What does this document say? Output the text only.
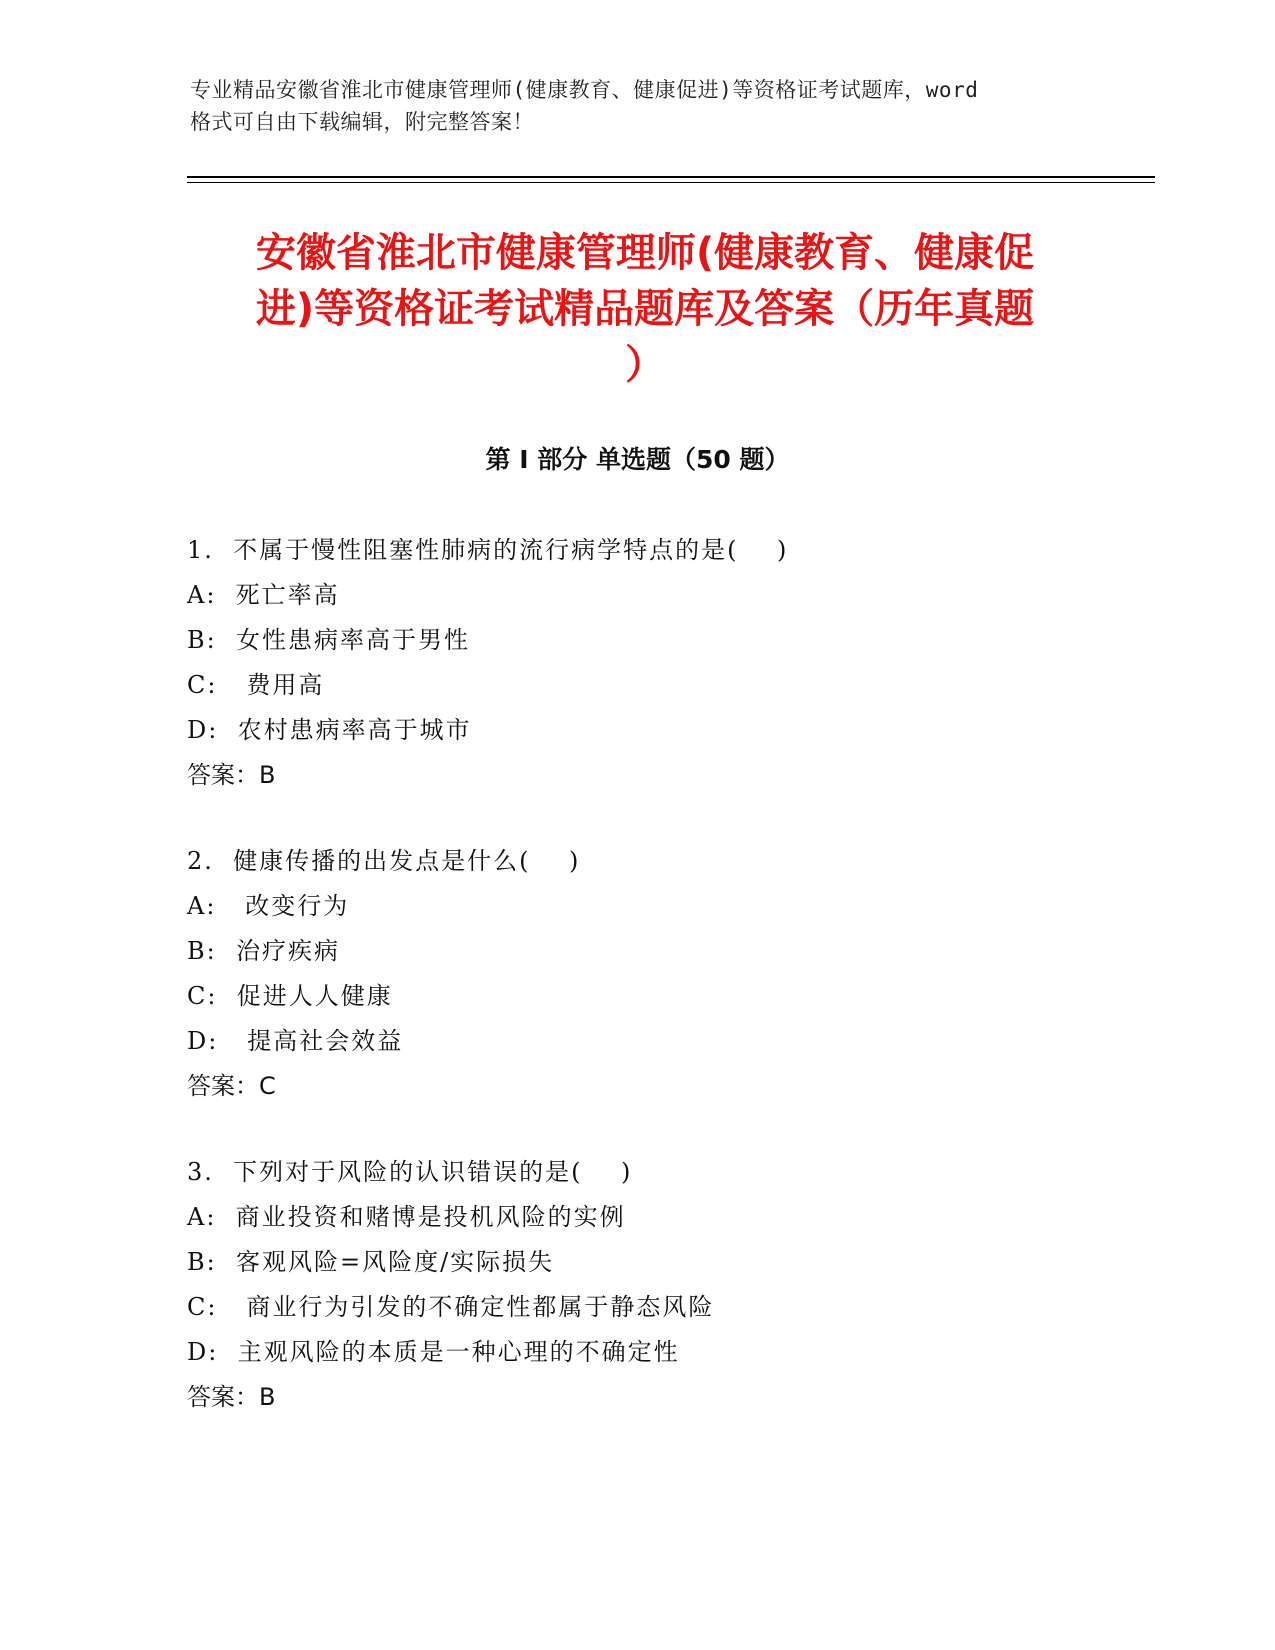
专业精品安徽省淮北市健康管理师(健康教育、健康促进)等资格证考试题库，word
格式可自由下载编辑，附完整答案！
安徽省淮北市健康管理师(健康教育、健康促
进)等资格证考试精品题库及答案（历年真题
）
第 I 部分 单选题（50 题）
1.  不属于慢性阻塞性肺病的流行病学特点的是(    )
A:  死亡率高
B:  女性患病率高于男性
C:   费用高
D:  农村患病率高于城市
答案：B
2.  健康传播的出发点是什么(    )
A:   改变行为
B:  治疗疾病
C:  促进人人健康
D:   提高社会效益
答案：C
3.  下列对于风险的认识错误的是(    )
A:  商业投资和赌博是投机风险的实例
B:  客观风险=风险度/实际损失
C:   商业行为引发的不确定性都属于静态风险
D:  主观风险的本质是一种心理的不确定性
答案：B
